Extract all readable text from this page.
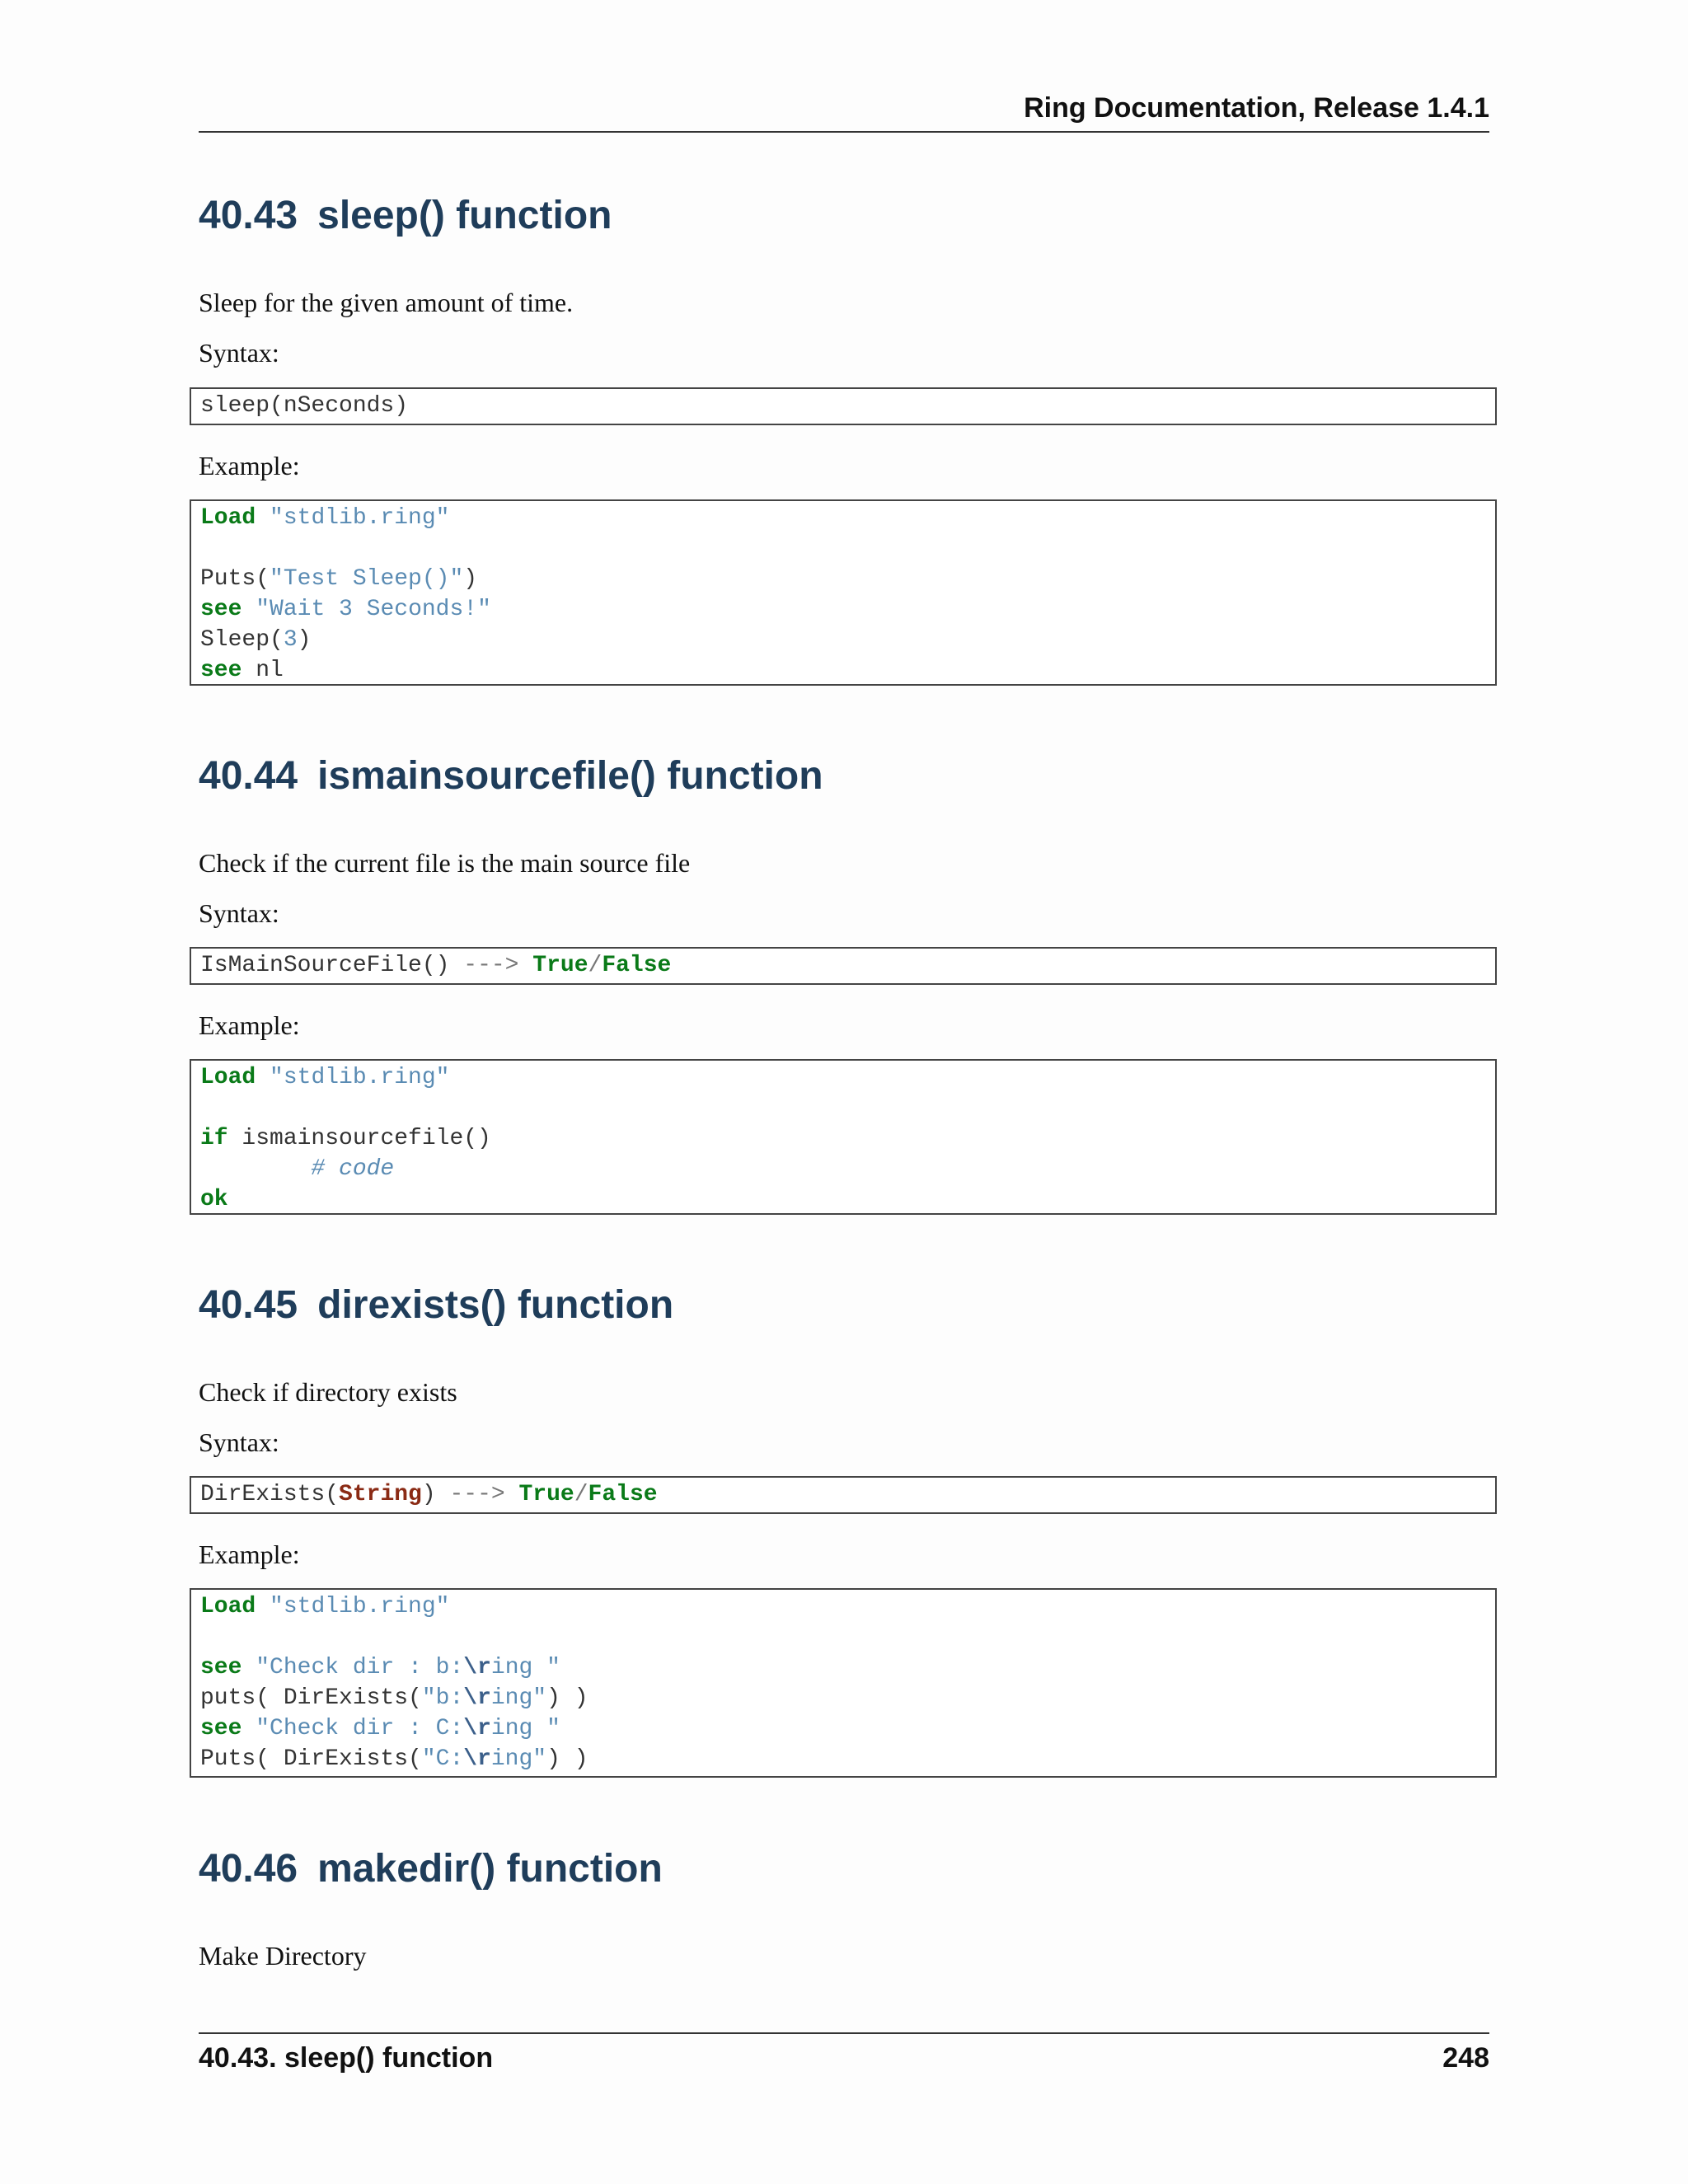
Ring Documentation, Release 1.4.1
40.43 sleep() function

Sleep for the given amount of time.

Syntax:

sleep(nSeconds)

Example:

Load "stdlib.ring"

Puts("Test Sleep()")
see "Wait 3 Seconds!"
Sleep(3)
see nl
40.44 ismainsourcefile() function

Check if the current file is the main source file

Syntax:

IsMainSourceFile() ---> True/False

Example:

Load "stdlib.ring"

if ismainsourcefile()
# code
ok
40.45 direxists() function

Check if directory exists

Syntax:

DirExists(String) ---> True/False

Example:

Load "stdlib.ring"

see "Check dir : b:\ring "
puts( DirExists("b:\ring") )
see "Check dir : C:\ring "
Puts( DirExists("C:\ring") )
40.46 makedir() function

Make Directory

40.43. sleep() function	248
